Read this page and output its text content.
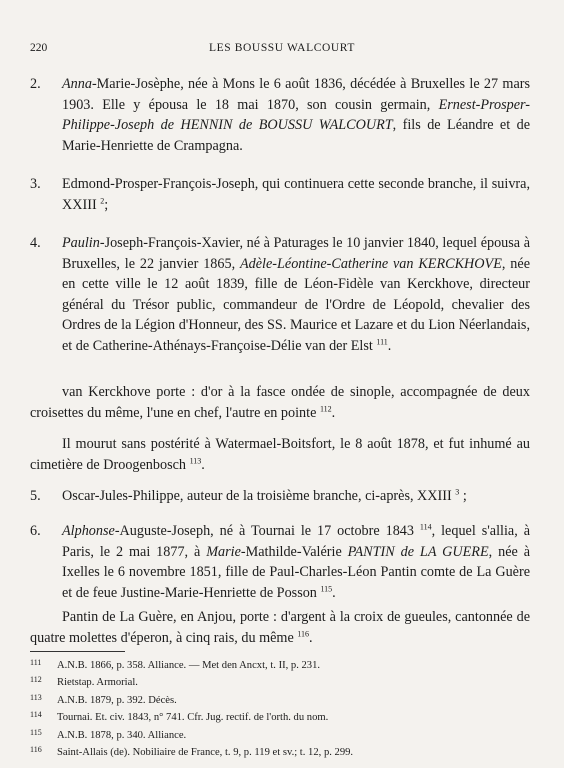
220	LES BOUSSU WALCOURT
2. Anna-Marie-Josèphe, née à Mons le 6 août 1836, décédée à Bruxelles le 27 mars 1903. Elle y épousa le 18 mai 1870, son cousin germain, Ernest-Prosper-Philippe-Joseph de HENNIN de BOUSSU WALCOURT, fils de Léandre et de Marie-Henriette de Crampagna.
3. Edmond-Prosper-François-Joseph, qui continuera cette seconde branche, il suivra, XXIII $^2$;
4. Paulin-Joseph-François-Xavier, né à Paturages le 10 janvier 1840, lequel épousa à Bruxelles, le 22 janvier 1865, Adèle-Léontine-Catherine van KERCKHOVE, née en cette ville le 12 août 1839, fille de Léon-Fidèle van Kerckhove, directeur général du Trésor public, commandeur de l'Ordre de Léopold, chevalier des Ordres de la Légion d'Honneur, des SS. Maurice et Lazare et du Lion Néerlandais, et de Catherine-Athénays-Françoise-Délie van der Elst $^{111}$.
van Kerckhove porte : d'or à la fasce ondée de sinople, accompagnée de deux croisettes du même, l'une en chef, l'autre en pointe $^{112}$.
Il mourut sans postérité à Watermael-Boitsfort, le 8 août 1878, et fut inhumé au cimetière de Droogenbosch $^{113}$.
5. Oscar-Jules-Philippe, auteur de la troisième branche, ci-après, XXIII $^3$ ;
6. Alphonse-Auguste-Joseph, né à Tournai le 17 octobre 1843 $^{114}$, lequel s'allia, à Paris, le 2 mai 1877, à Marie-Mathilde-Valérie PANTIN de LA GUERE, née à Ixelles le 6 novembre 1851, fille de Paul-Charles-Léon Pantin comte de La Guère et de feue Justine-Marie-Henriette de Posson $^{115}$.
Pantin de La Guère, en Anjou, porte : d'argent à la croix de gueules, cantonnée de quatre molettes d'éperon, à cinq rais, du même $^{116}$.
111 A.N.B. 1866, p. 358. Alliance. — Met den Ancxt, t. II, p. 231.
112 Rietstap. Armorial.
113 A.N.B. 1879, p. 392. Décès.
114 Tournai. Et. civ. 1843, n° 741. Cfr. Jug. rectif. de l'orth. du nom.
115 A.N.B. 1878, p. 340. Alliance.
116 Saint-Allais (de). Nobiliaire de France, t. 9, p. 119 et sv.; t. 12, p. 299.
